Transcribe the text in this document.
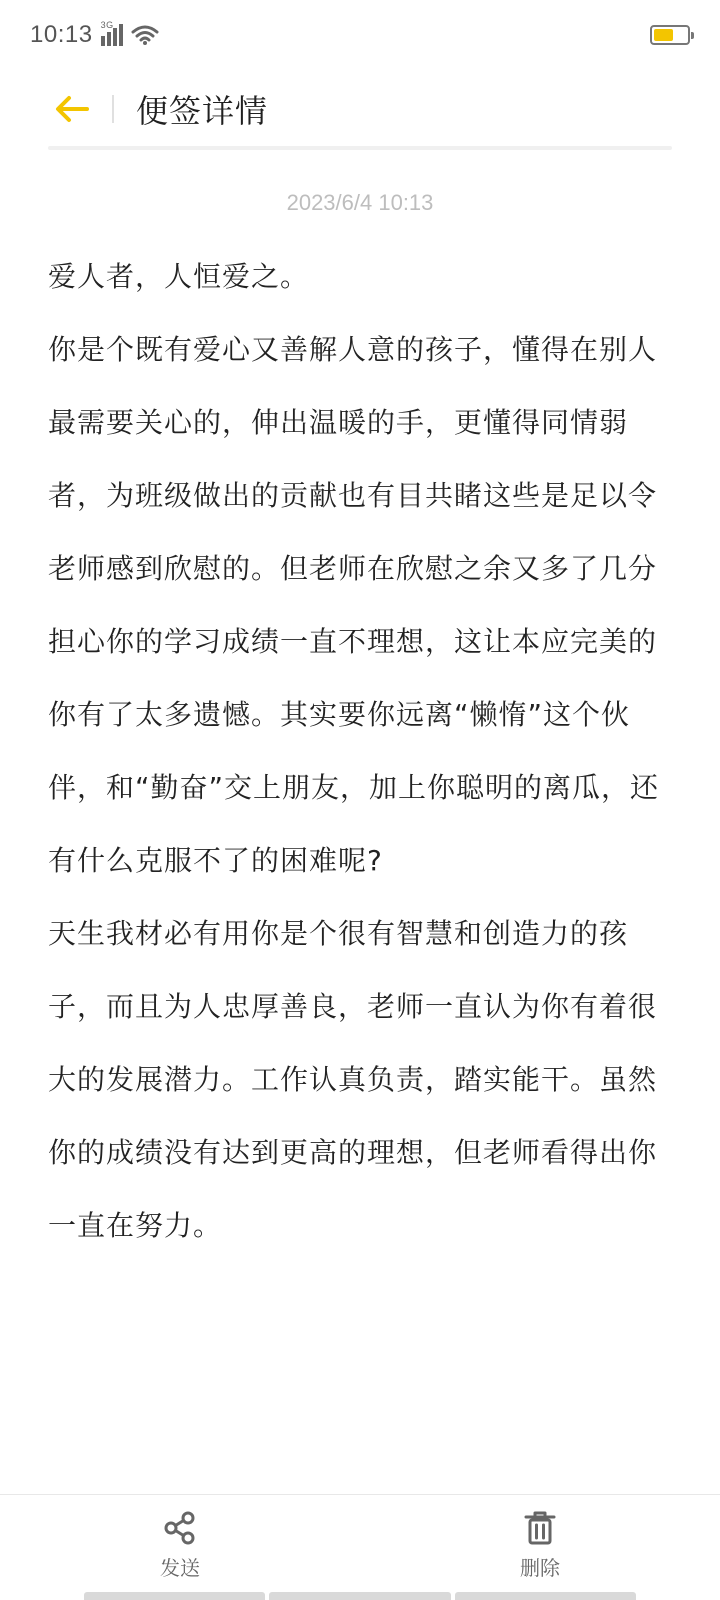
10:13 3G
便签详情
2023/6/4 10:13
爱人者，人恒爱之。
你是个既有爱心又善解人意的孩子，懂得在别人最需要关心的，伸出温暖的手，更懂得同情弱者，为班级做出的贡献也有目共睹这些是足以令老师感到欣慰的。但老师在欣慰之余又多了几分担心你的学习成绩一直不理想，这让本应完美的你有了太多遗憾。其实要你远离“懒惰”这个伙伴，和“勤奋”交上朋友，加上你聪明的离瓜，还有什么克服不了的困难呢?
天生我材必有用你是个很有智慧和创造力的孩子，而且为人忠厚善良，老师一直认为你有着很大的发展潜力。工作认真负责，踏实能干。虽然你的成绩没有达到更高的理想，但老师看得出你一直在努力。
发送	删除
